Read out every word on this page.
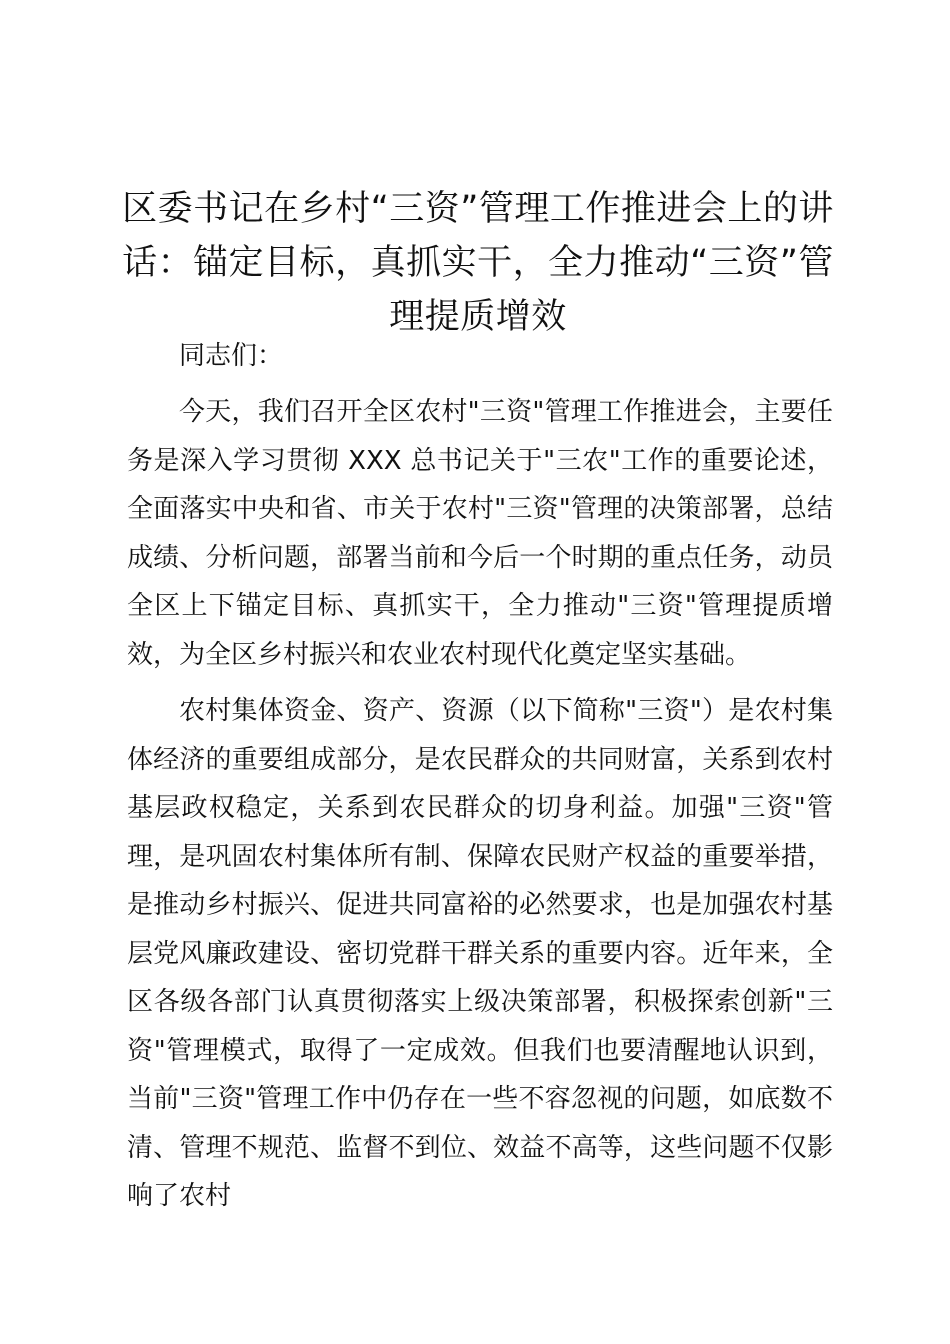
区委书记在乡村“三资”管理工作推进会上的讲话：锚定目标，真抓实干，全力推动“三资”管理提质增效

同志们：

今天，我们召开全区农村"三资"管理工作推进会，主要任务是深入学习贯彻 XXX 总书记关于"三农"工作的重要论述，全面落实中央和省、市关于农村"三资"管理的决策部署，总结成绩、分析问题，部署当前和今后一个时期的重点任务，动员全区上下锚定目标、真抓实干，全力推动"三资"管理提质增效，为全区乡村振兴和农业农村现代化奠定坚实基础。

农村集体资金、资产、资源（以下简称"三资"）是农村集体经济的重要组成部分，是农民群众的共同财富，关系到农村基层政权稳定，关系到农民群众的切身利益。加强"三资"管理，是巩固农村集体所有制、保障农民财产权益的重要举措，是推动乡村振兴、促进共同富裕的必然要求，也是加强农村基层党风廉政建设、密切党群干群关系的重要内容。近年来，全区各级各部门认真贯彻落实上级决策部署，积极探索创新"三资"管理模式，取得了一定成效。但我们也要清醒地认识到，当前"三资"管理工作中仍存在一些不容忽视的问题，如底数不清、管理不规范、监督不到位、效益不高等，这些问题不仅影响了农村
